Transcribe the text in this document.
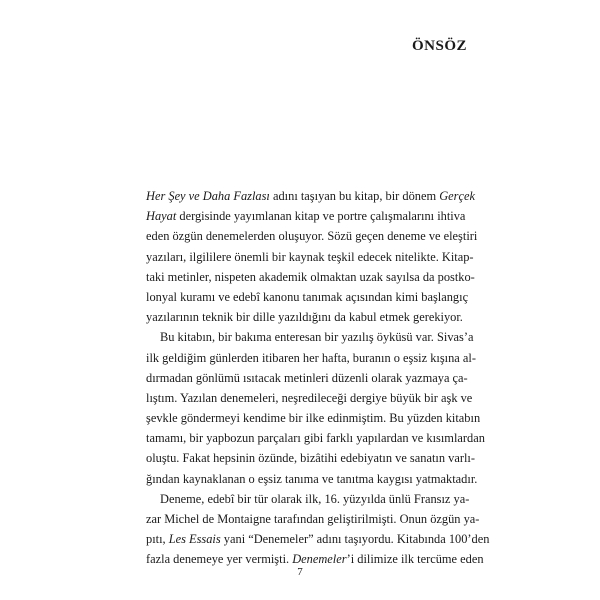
ÖNSÖZ
Her Şey ve Daha Fazlası adını taşıyan bu kitap, bir dönem Gerçek
Hayat dergisinde yayımlanan kitap ve portre çalışmalarını ihtiva
eden özgün denemelerden oluşuyor. Sözü geçen deneme ve eleştiri
yazıları, ilgililere önemli bir kaynak teşkil edecek nitelikte. Kitap-
taki metinler, nispeten akademik olmaktan uzak sayılsa da postko-
lonyal kuramı ve edebî kanonu tanımak açısından kimi başlangıç
yazılarının teknik bir dille yazıldığını da kabul etmek gerekiyor.
Bu kitabın, bir bakıma enteresan bir yazılış öyküsü var. Sivas’a
ilk geldiğim günlerden itibaren her hafta, buranın o eşsiz kışına al-
dırmadan gönlümü ısıtacak metinleri düzenli olarak yazmaya ça-
lıştım. Yazılan denemeleri, neşredileceği dergiye büyük bir aşk ve
şevkle göndermeyi kendime bir ilke edinmiştim. Bu yüzden kitabın
tamamı, bir yapbozun parçaları gibi farklı yapılardan ve kısımlardan
oluştu. Fakat hepsinin özünde, bizâtihi edebiyatın ve sanatın varlı-
ğından kaynaklanan o eşsiz tanıma ve tanıtma kaygısı yatmaktadır.
Deneme, edebî bir tür olarak ilk, 16. yüzyılda ünlü Fransız ya-
zar Michel de Montaigne tarafından geliştirilmişti. Onun özgün ya-
pıtı, Les Essais yani “Denemeler” adını taşıyordu. Kitabında 100’den
fazla denemeye yer vermişti. Denemeler’i dilimize ilk tercüme eden
7
